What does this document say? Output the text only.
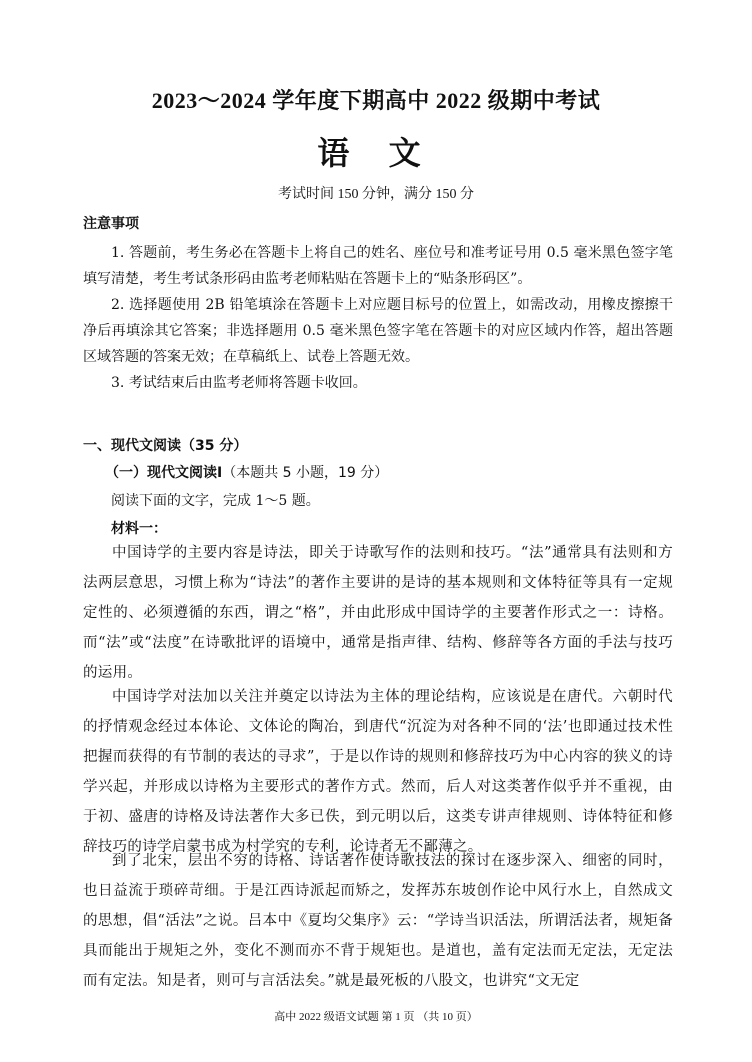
2023～2024 学年度下期高中 2022 级期中考试
语 文
考试时间 150 分钟，满分 150 分
注意事项

1. 答题前，考生务必在答题卡上将自己的姓名、座位号和准考证号用 0.5 毫米黑色签字笔填写清楚，考生考试条形码由监考老师粘贴在答题卡上的“贴条形码区”。

2. 选择题使用 2B 铅笔填涂在答题卡上对应题目标号的位置上，如需改动，用橡皮擦擦干净后再填涂其它答案；非选择题用 0.5 毫米黑色签字笔在答题卡的对应区域内作答，超出答题区域答题的答案无效；在草稿纸上、试卷上答题无效。

3. 考试结束后由监考老师将答题卡收回。

一、现代文阅读（35 分）
（一）现代文阅读Ⅰ（本题共 5 小题，19 分）
阅读下面的文字，完成 1～5 题。
材料一：

中国诗学的主要内容是诗法，即关于诗歌写作的法则和技巧。“法”通常具有法则和方法两层意思，习惯上称为“诗法”的著作主要讲的是诗的基本规则和文体特征等具有一定规定性的、必须遵循的东西，谓之“格”，并由此形成中国诗学的主要著作形式之一：诗格。而“法”或“法度”在诗歌批评的语境中，通常是指声律、结构、修辞等各方面的手法与技巧的运用。

中国诗学对法加以关注并奠定以诗法为主体的理论结构，应该说是在唐代。六朝时代的抒情观念经过本体论、文体论的陶冶，到唐代“沉淀为对各种不同的‘法’也即通过技术性把握而获得的有节制的表达的寻求”，于是以作诗的规则和修辞技巧为中心内容的狭义的诗学兴起，并形成以诗格为主要形式的著作方式。然而，后人对这类著作似乎并不重视，由于初、盛唐的诗格及诗法著作大多已佚，到元明以后，这类专讲声律规则、诗体特征和修辞技巧的诗学启蒙书成为村学究的专利，论诗者无不鄙薄之。

到了北宋，层出不穷的诗格、诗话著作使诗歌技法的探讨在逐步深入、细密的同时，也日益流于琐碎苛细。于是江西诗派起而矫之，发挥苏东坡创作论中风行水上，自然成文的思想，倡“活法”之说。吕本中《夏均父集序》云：“学诗当识活法，所谓活法者，规矩备具而能出于规矩之外，变化不测而亦不背于规矩也。是道也，盖有定法而无定法，无定法而有定法。知是者，则可与言活法矣。”就是最死板的八股文，也讲究“文无定

高中 2022 级语文试题 第 1 页 （共 10 页）
